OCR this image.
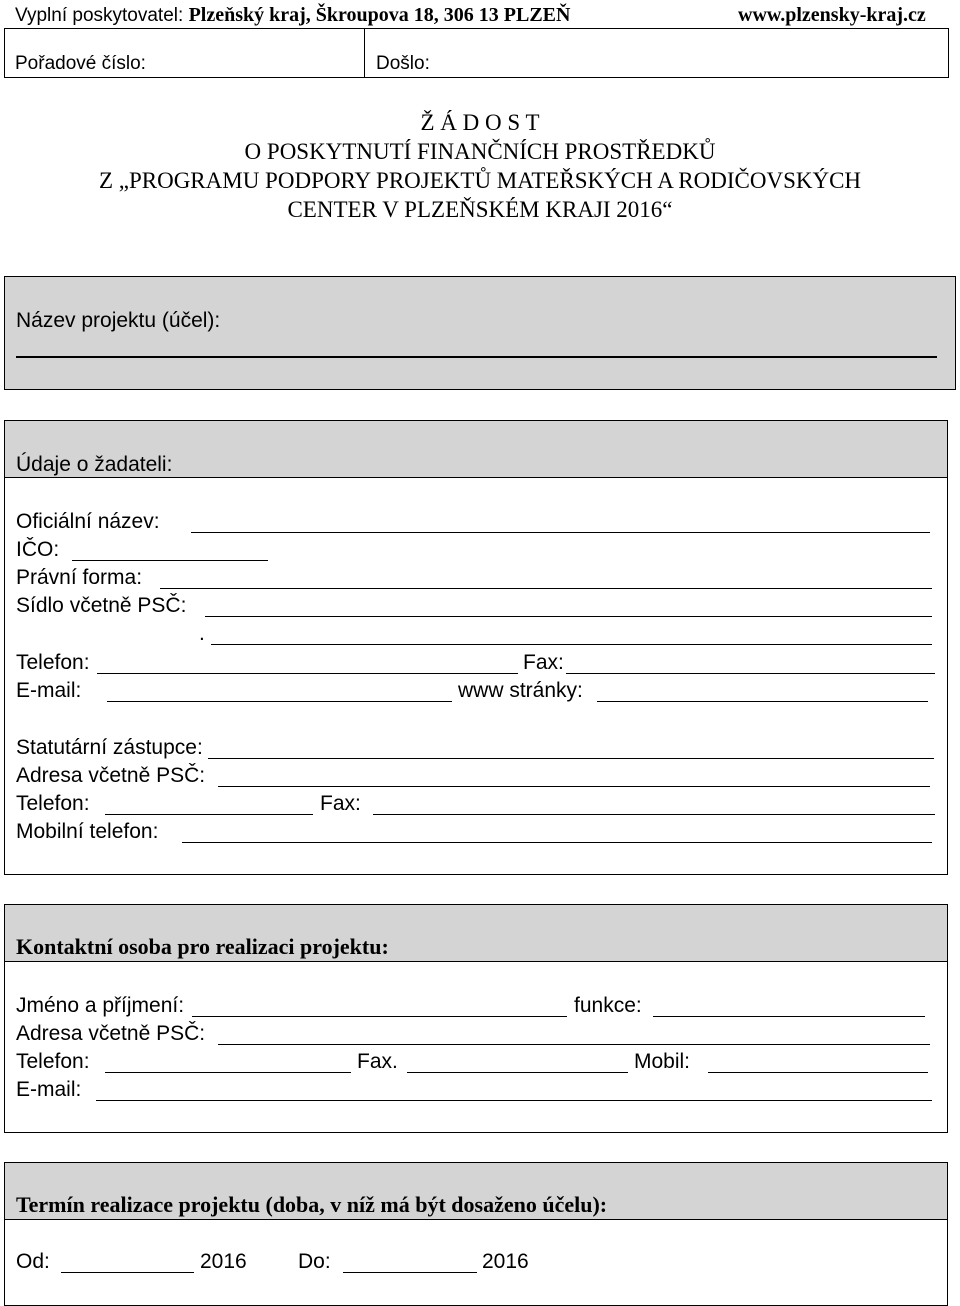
Vyplní poskytovatel: Plzeňský kraj, Škroupova 18, 306 13 PLZEŇ	www.plzensky-kraj.cz
Pořadové číslo:	Došlo:
Ž Á D O S T
O POSKYTNUTÍ FINANČNÍCH PROSTŘEDKŮ
Z „PROGRAMU PODPORY PROJEKTŮ MATEŘSKÝCH A RODIČOVSKÝCH
CENTER V PLZEŇSKÉM KRAJI 2016“
Název projektu (účel):
Údaje o žadateli:
Oficiální název:
IČO:
Právní forma:
Sídlo včetně PSČ:
.
Telefon:	Fax:
E-mail:	www stránky:
Statutární zástupce:
Adresa včetně PSČ:
Telefon:	Fax:
Mobilní telefon:
Kontaktní osoba pro realizaci projektu:
Jméno a příjmení:	funkce:
Adresa včetně PSČ:
Telefon:	Fax.	Mobil:
E-mail:
Termín realizace projektu (doba, v níž má být dosaženo účelu):
Od:	2016 Do:	2016
